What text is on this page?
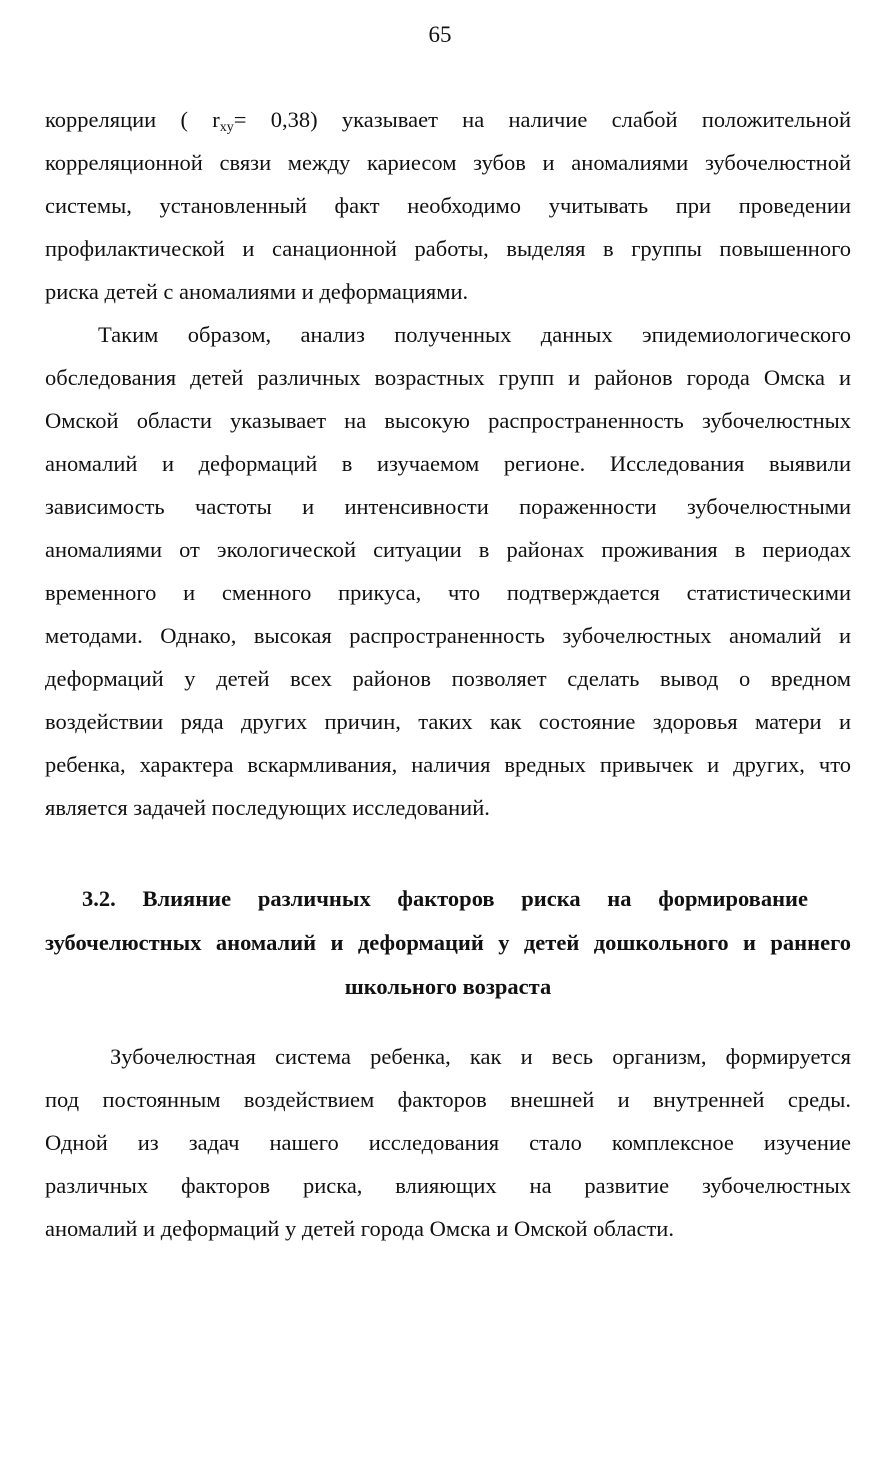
65
корреляции ( $r_{xy}= 0,38$) указывает на наличие слабой положительной
корреляционной связи между кариесом зубов и аномалиями зубочелюстной
системы, установленный факт необходимо учитывать при проведении
профилактической и санационной работы, выделяя в группы повышенного
риска детей с аномалиями и деформациями.
Таким образом, анализ полученных данных эпидемиологического
обследования детей различных возрастных групп и районов города Омска и
Омской области указывает на высокую распространенность зубочелюстных
аномалий и деформаций в изучаемом регионе. Исследования выявили
зависимость частоты и интенсивности пораженности зубочелюстными
аномалиями от экологической ситуации в районах проживания в периодах
временного и сменного прикуса, что подтверждается статистическими
методами. Однако, высокая распространенность зубочелюстных аномалий и
деформаций у детей всех районов позволяет сделать вывод о вредном
воздействии ряда других причин, таких как состояние здоровья матери и
ребенка, характера вскармливания, наличия вредных привычек и других, что
является задачей последующих исследований.
3.2. Влияние различных факторов риска на формирование
зубочелюстных аномалий и деформаций у детей дошкольного и раннего
школьного возраста
Зубочелюстная система ребенка, как и весь организм, формируется
под постоянным воздействием факторов внешней и внутренней среды.
Одной из задач нашего исследования стало комплексное изучение
различных факторов риска, влияющих на развитие зубочелюстных
аномалий и деформаций у детей города Омска и Омской области.
